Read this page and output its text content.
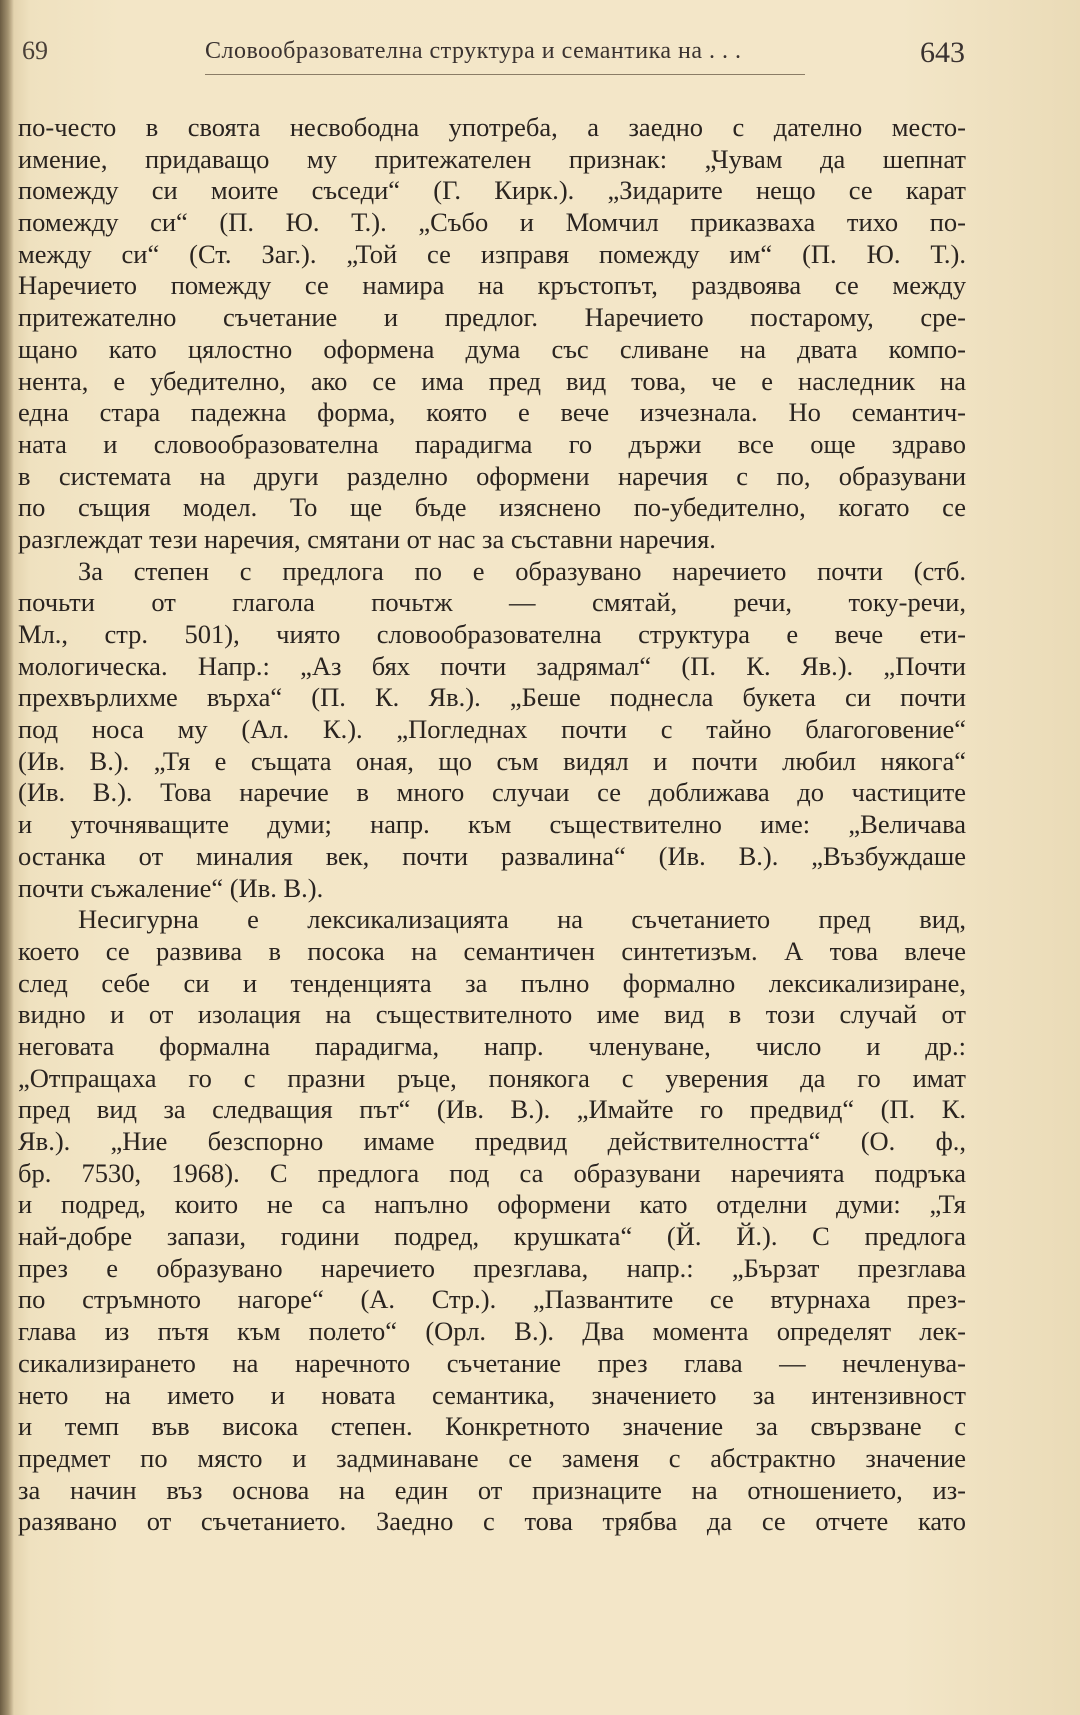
69	Словообразователна структура и семантика на . . .	643
по-често в своята несвободна употреба, а заедно с дателно место-
имение, придаващо му притежателен признак: „Чувам да шепнат
помежду си моите съседи“ (Г. Кирк.). „Зидарите нещо се карат
помежду си“ (П. Ю. Т.). „Събо и Момчил приказваха тихо по-
между си“ (Ст. Заг.). „Той се изправя помежду им“ (П. Ю. Т.).
Наречието помежду се намира на кръстопът, раздвоява се между
притежателно съчетание и предлог. Наречието постарому, сре-
щано като цялостно оформена дума със сливане на двата компо-
нента, е убедително, ако се има пред вид това, че е наследник на
една стара падежна форма, която е вече изчезнала. Но семантич-
ната и словообразователна парадигма го държи все още здраво
в системата на други разделно оформени наречия с по, образувани
по същия модел. То ще бъде изяснено по-убедително, когато се
разглеждат тези наречия, смятани от нас за съставни наречия.
За степен с предлога по е образувано наречието почти (стб.
почьти от глагола почьтж — смятай, речи, току-речи,
Мл., стр. 501), чиято словообразователна структура е вече ети-
мологическа. Напр.: „Аз бях почти задрямал“ (П. К. Яв.). „Почти
прехвърлихме върха“ (П. К. Яв.). „Беше поднесла букета си почти
под носа му (Ал. К.). „Погледнах почти с тайно благоговение“
(Ив. В.). „Тя е същата оная, що съм видял и почти любил някога“
(Ив. В.). Това наречие в много случаи се доближава до частиците
и уточняващите думи; напр. към съществително име: „Величава
останка от миналия век, почти развалина“ (Ив. В.). „Възбуждаше
почти съжаление“ (Ив. В.).
Несигурна е лексикализацията на съчетанието пред вид,
което се развива в посока на семантичен синтетизъм. А това влече
след себе си и тенденцията за пълно формално лексикализиране,
видно и от изолация на съществителното име вид в този случай от
неговата формална парадигма, напр. членуване, число и др.:
„Отпращаха го с празни ръце, понякога с уверения да го имат
пред вид за следващия път“ (Ив. В.). „Имайте го предвид“ (П. К.
Яв.). „Ние безспорно имаме предвид действителността“ (О. ф.,
бр. 7530, 1968). С предлога под са образувани наречията подръка
и подред, които не са напълно оформени като отделни думи: „Тя
най-добре запази, години подред, крушката“ (Й. Й.). С предлога
през е образувано наречието презглава, напр.: „Бързат презглава
по стръмното нагоре“ (А. Стр.). „Пазвантите се втурнаха през-
глава из пътя към полето“ (Орл. В.). Два момента определят лек-
сикализирането на наречното съчетание през глава — нечленува-
нето на името и новата семантика, значението за интензивност
и темп във висока степен. Конкретното значение за свързване с
предмет по място и задминаване се заменя с абстрактно значение
за начин въз основа на един от признаците на отношението, из-
разявано от съчетанието. Заедно с това трябва да се отчете като
